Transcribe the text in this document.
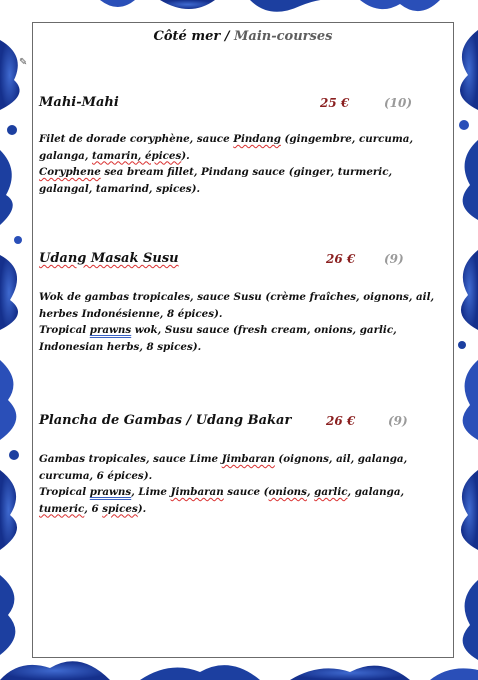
Côté mer / Main-courses
✎
Mahi-Mahi	25 €	(10)
Filet de dorade coryphène, sauce Pindang (gingembre, curcuma, galanga, tamarin, épices).
Coryphene sea bream fillet, Pindang sauce (ginger, turmeric, galangal, tamarind, spices).
Udang Masak Susu	26 € (9)
Wok de gambas tropicales, sauce Susu (crème fraîches, oignons, ail, herbes Indonésienne, 8 épices).
Tropical prawns wok, Susu sauce (fresh cream, onions, garlic, Indonesian herbs, 8 spices).
Plancha de Gambas / Udang Bakar	26 €	(9)
Gambas tropicales, sauce Lime Jimbaran (oignons, ail, galanga, curcuma, 6 épices).
Tropical prawns, Lime Jimbaran sauce (onions, garlic, galanga, tumeric, 6 spices).
